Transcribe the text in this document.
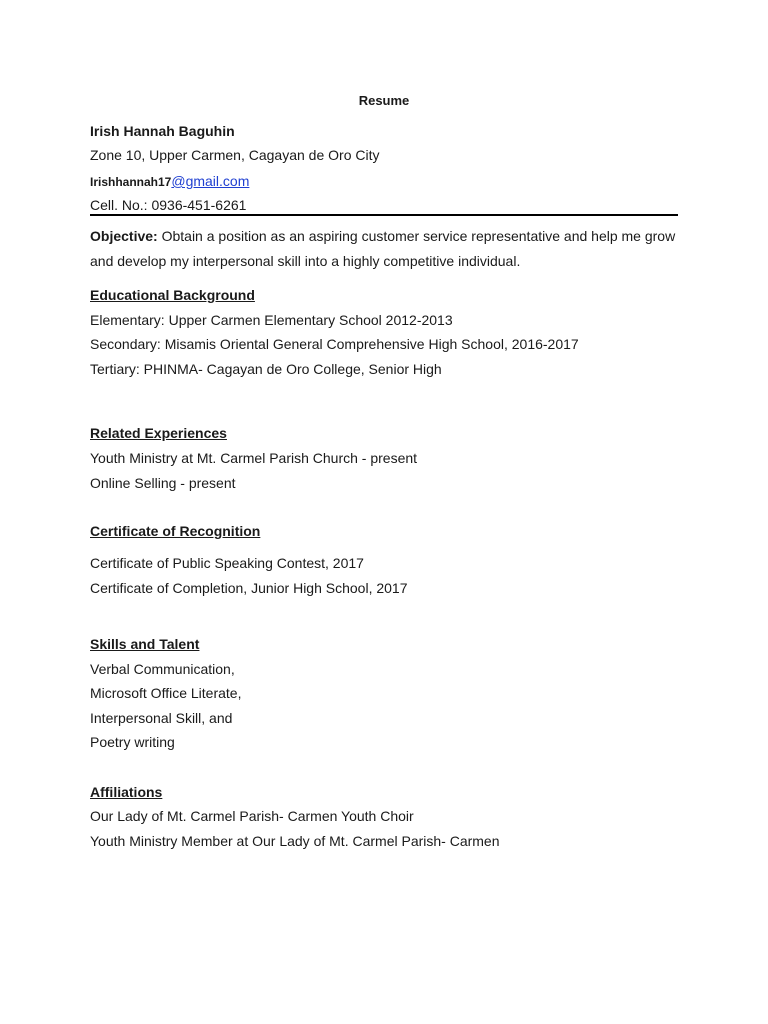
Resume
Irish Hannah Baguhin
Zone 10, Upper Carmen, Cagayan de Oro City
Irishhannah17@gmail.com
Cell. No.: 0936-451-6261
Objective: Obtain a position as an aspiring customer service representative and help me grow and develop my interpersonal skill into a highly competitive individual.
Educational Background
Elementary: Upper Carmen Elementary School 2012-2013
Secondary: Misamis Oriental General Comprehensive High School, 2016-2017
Tertiary: PHINMA- Cagayan de Oro College, Senior High
Related Experiences
Youth Ministry at Mt. Carmel Parish Church - present
Online Selling - present
Certificate of Recognition
Certificate of Public Speaking Contest, 2017
Certificate of Completion, Junior High School, 2017
Skills and Talent
Verbal Communication,
Microsoft Office Literate,
Interpersonal Skill, and
Poetry writing
Affiliations
Our Lady of Mt. Carmel Parish- Carmen Youth Choir
Youth Ministry Member at Our Lady of Mt. Carmel Parish- Carmen
